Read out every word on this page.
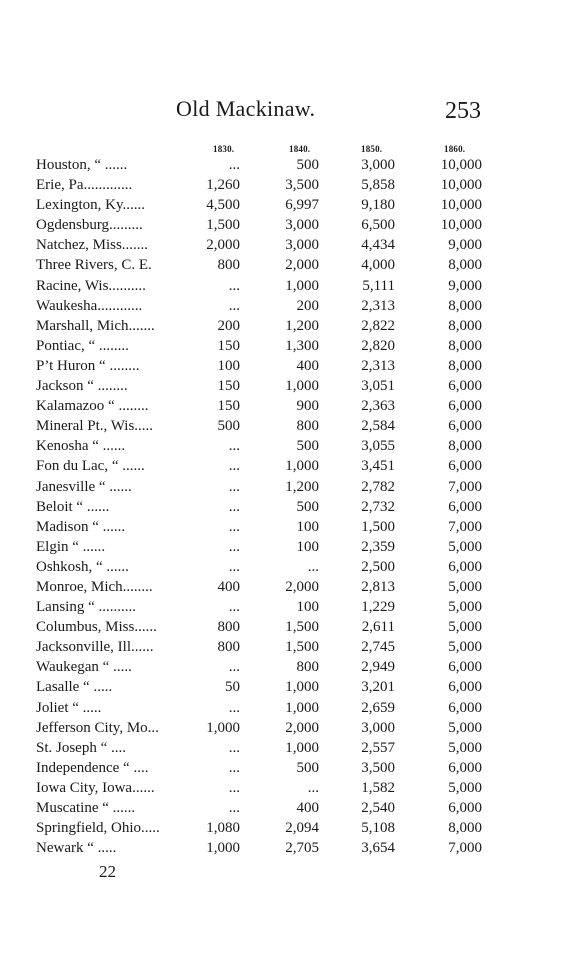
Old Mackinaw.	253
1830.	1840.	1850.	1860.
Houston, “ ......	...	500	3,000	10,000
Erie, Pa.............	1,260	3,500	5,858	10,000
Lexington, Ky......	4,500	6,997	9,180	10,000
Ogdensburg.........	1,500	3,000	6,500	10,000
Natchez, Miss.......	2,000	3,000	4,434	9,000
Three Rivers, C. E.	800	2,000	4,000	8,000
Racine, Wis..........	...	1,000	5,111	9,000
Waukesha............	...	200	2,313	8,000
Marshall, Mich.......	200	1,200	2,822	8,000
Pontiac, “ ........	150	1,300	2,820	8,000
P’t Huron “ ........	100	400	2,313	8,000
Jackson “ ........	150	1,000	3,051	6,000
Kalamazoo “ ........	150	900	2,363	6,000
Mineral Pt., Wis.....	500	800	2,584	6,000
Kenosha “ ......	...	500	3,055	8,000
Fon du Lac, “ ......	...	1,000	3,451	6,000
Janesville “ ......	...	1,200	2,782	7,000
Beloit “ ......	...	500	2,732	6,000
Madison “ ......	...	100	1,500	7,000
Elgin “ ......	...	100	2,359	5,000
Oshkosh, “ ......	...	...	2,500	6,000
Monroe, Mich........	400	2,000	2,813	5,000
Lansing “ ..........	...	100	1,229	5,000
Columbus, Miss......	800	1,500	2,611	5,000
Jacksonville, Ill......	800	1,500	2,745	5,000
Waukegan “ .....	...	800	2,949	6,000
Lasalle “ .....	50	1,000	3,201	6,000
Joliet “ .....	...	1,000	2,659	6,000
Jefferson City, Mo...	1,000	2,000	3,000	5,000
St. Joseph “ ....	...	1,000	2,557	5,000
Independence “ ....	...	500	3,500	6,000
Iowa City, Iowa......	...	...	1,582	5,000
Muscatine “ ......	...	400	2,540	6,000
Springfield, Ohio.....	1,080	2,094	5,108	8,000
Newark “ .....	1,000	2,705	3,654	7,000
22
